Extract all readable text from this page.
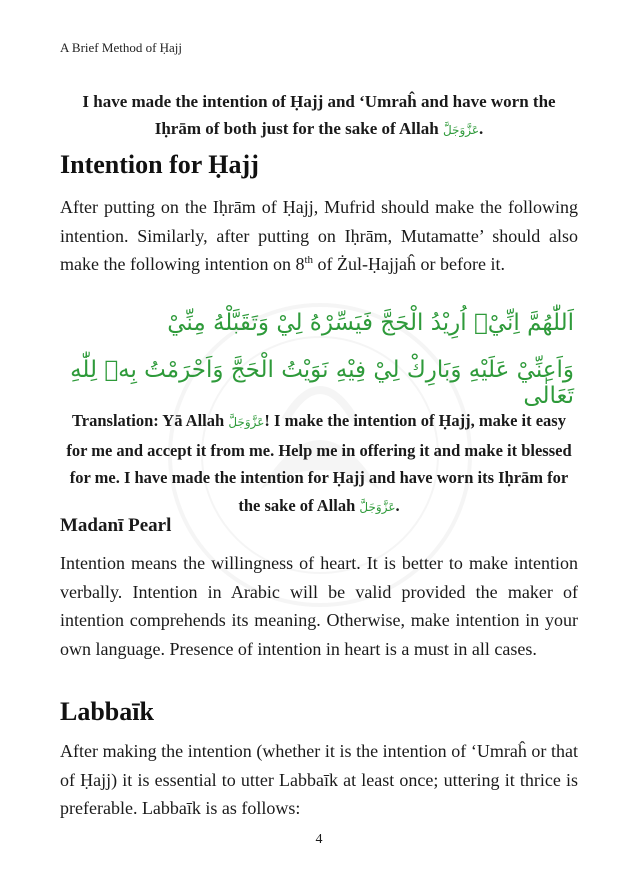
A Brief Method of Ḥajj
I have made the intention of Ḥajj and ‘Umraĥ and have worn the Iḥrām of both just for the sake of Allah عَزَّوَجَلَّ.
Intention for Ḥajj

After putting on the Iḥrām of Ḥajj, Mufrid should make the following intention. Similarly, after putting on Iḥrām, Mutamatte’ should also make the following intention on 8th of Żul-Ḥajjaĥ or before it.

اَللّٰهُمَّ اِنِّيْۤ اُرِيْدُ الْحَجَّ فَيَسِّرْهُ لِيْ وَتَقَبَّلْهُ مِنِّيْ
وَاَعِنِّيْ عَلَيْهِ وَبَارِكْ لِيْ فِيْهِ نَوَيْتُ الْحَجَّ وَاَحْرَمْتُ بِهٖ لِلّٰهِ تَعَالٰى

Translation: Yā Allah عَزَّوَجَلَّ! I make the intention of Ḥajj, make it easy for me and accept it from me. Help me in offering it and make it blessed for me. I have made the intention for Ḥajj and have worn its Iḥrām for the sake of Allah عَزَّوَجَلَّ.

Madanī Pearl

Intention means the willingness of heart. It is better to make intention verbally. Intention in Arabic will be valid provided the maker of intention comprehends its meaning. Otherwise, make intention in your own language. Presence of intention in heart is a must in all cases.

Labbaīk

After making the intention (whether it is the intention of ‘Umraĥ or that of Ḥajj) it is essential to utter Labbaīk at least once; uttering it thrice is preferable. Labbaīk is as follows:

4
